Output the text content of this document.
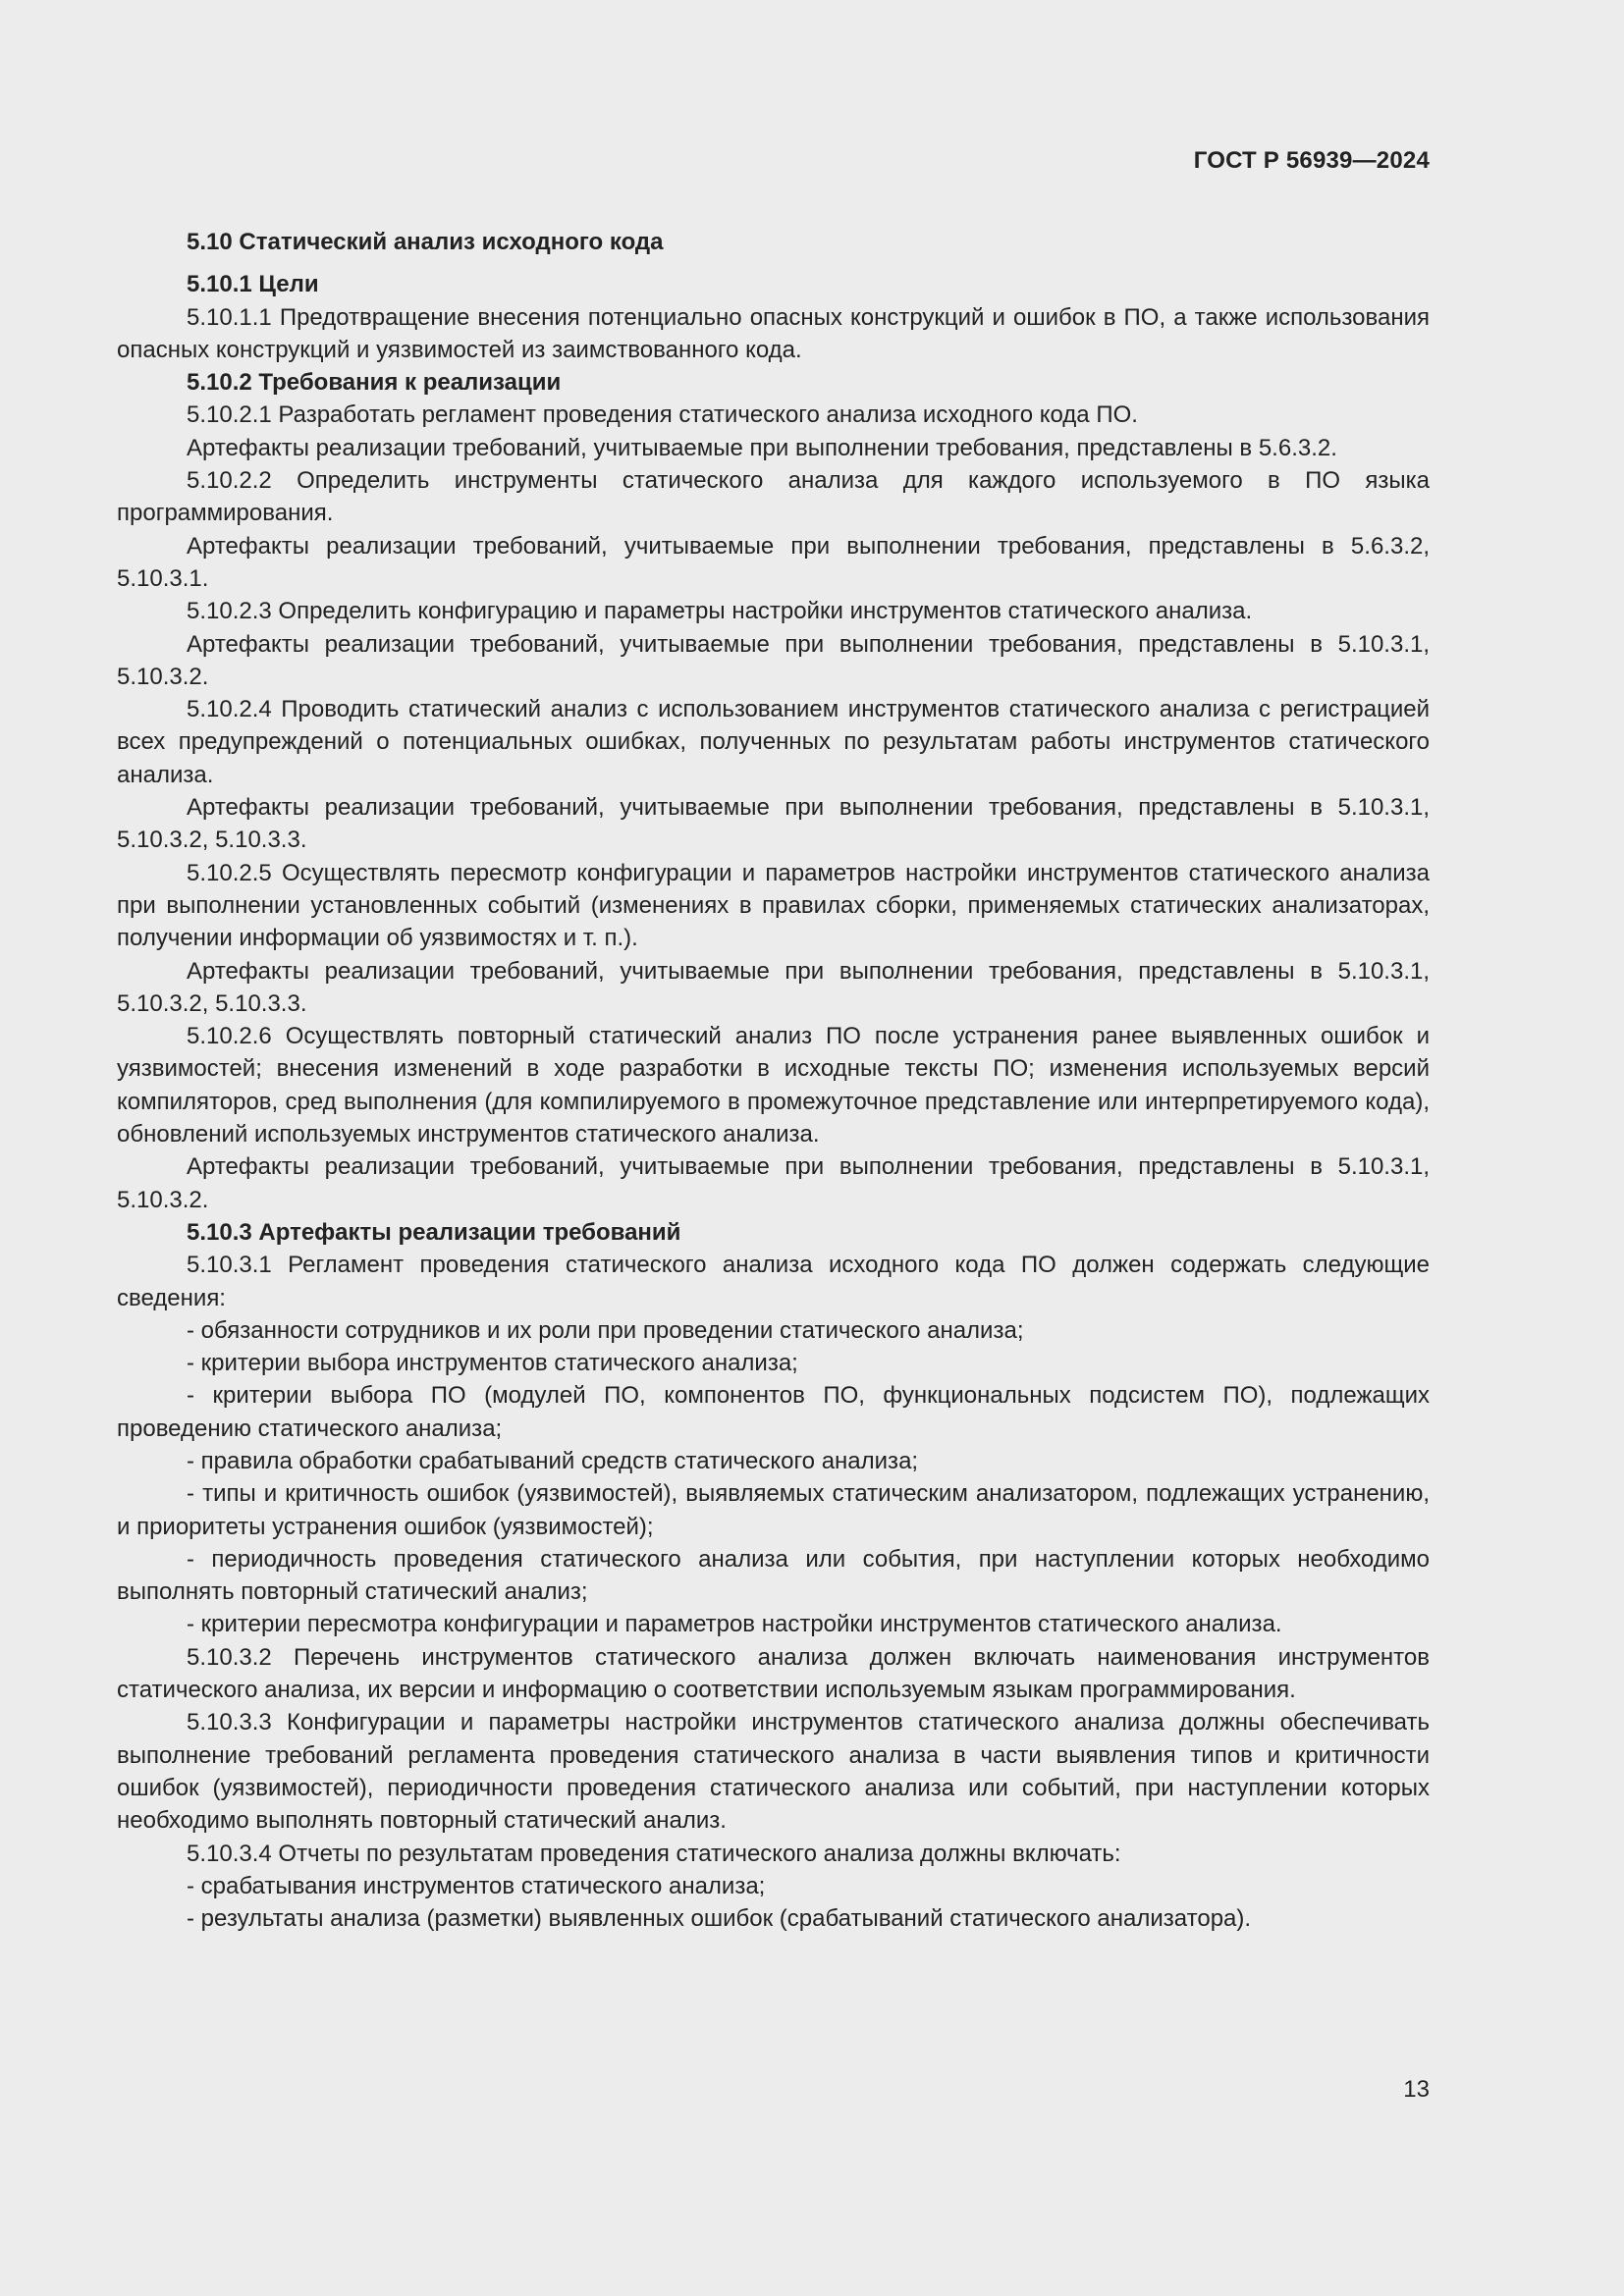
ГОСТ Р 56939—2024

5.10 Статический анализ исходного кода

5.10.1 Цели

5.10.1.1 Предотвращение внесения потенциально опасных конструкций и ошибок в ПО, а также использования опасных конструкций и уязвимостей из заимствованного кода.

5.10.2 Требования к реализации

5.10.2.1 Разработать регламент проведения статического анализа исходного кода ПО.

Артефакты реализации требований, учитываемые при выполнении требования, представлены в 5.6.3.2.

5.10.2.2 Определить инструменты статического анализа для каждого используемого в ПО языка программирования.

Артефакты реализации требований, учитываемые при выполнении требования, представлены в 5.6.3.2, 5.10.3.1.

5.10.2.3 Определить конфигурацию и параметры настройки инструментов статического анализа.

Артефакты реализации требований, учитываемые при выполнении требования, представлены в 5.10.3.1, 5.10.3.2.

5.10.2.4 Проводить статический анализ с использованием инструментов статического анализа с регистрацией всех предупреждений о потенциальных ошибках, полученных по результатам работы инструментов статического анализа.

Артефакты реализации требований, учитываемые при выполнении требования, представлены в 5.10.3.1, 5.10.3.2, 5.10.3.3.

5.10.2.5 Осуществлять пересмотр конфигурации и параметров настройки инструментов статического анализа при выполнении установленных событий (изменениях в правилах сборки, применяемых статических анализаторах, получении информации об уязвимостях и т. п.).

Артефакты реализации требований, учитываемые при выполнении требования, представлены в 5.10.3.1, 5.10.3.2, 5.10.3.3.

5.10.2.6 Осуществлять повторный статический анализ ПО после устранения ранее выявленных ошибок и уязвимостей; внесения изменений в ходе разработки в исходные тексты ПО; изменения используемых версий компиляторов, сред выполнения (для компилируемого в промежуточное представление или интерпретируемого кода), обновлений используемых инструментов статического анализа.

Артефакты реализации требований, учитываемые при выполнении требования, представлены в 5.10.3.1, 5.10.3.2.

5.10.3 Артефакты реализации требований

5.10.3.1 Регламент проведения статического анализа исходного кода ПО должен содержать следующие сведения:

- обязанности сотрудников и их роли при проведении статического анализа;

- критерии выбора инструментов статического анализа;

- критерии выбора ПО (модулей ПО, компонентов ПО, функциональных подсистем ПО), подлежащих проведению статического анализа;

- правила обработки срабатываний средств статического анализа;

- типы и критичность ошибок (уязвимостей), выявляемых статическим анализатором, подлежащих устранению, и приоритеты устранения ошибок (уязвимостей);

- периодичность проведения статического анализа или события, при наступлении которых необходимо выполнять повторный статический анализ;

- критерии пересмотра конфигурации и параметров настройки инструментов статического анализа.

5.10.3.2 Перечень инструментов статического анализа должен включать наименования инструментов статического анализа, их версии и информацию о соответствии используемым языкам программирования.

5.10.3.3 Конфигурации и параметры настройки инструментов статического анализа должны обеспечивать выполнение требований регламента проведения статического анализа в части выявления типов и критичности ошибок (уязвимостей), периодичности проведения статического анализа или событий, при наступлении которых необходимо выполнять повторный статический анализ.

5.10.3.4 Отчеты по результатам проведения статического анализа должны включать:

- срабатывания инструментов статического анализа;

- результаты анализа (разметки) выявленных ошибок (срабатываний статического анализатора).

13
